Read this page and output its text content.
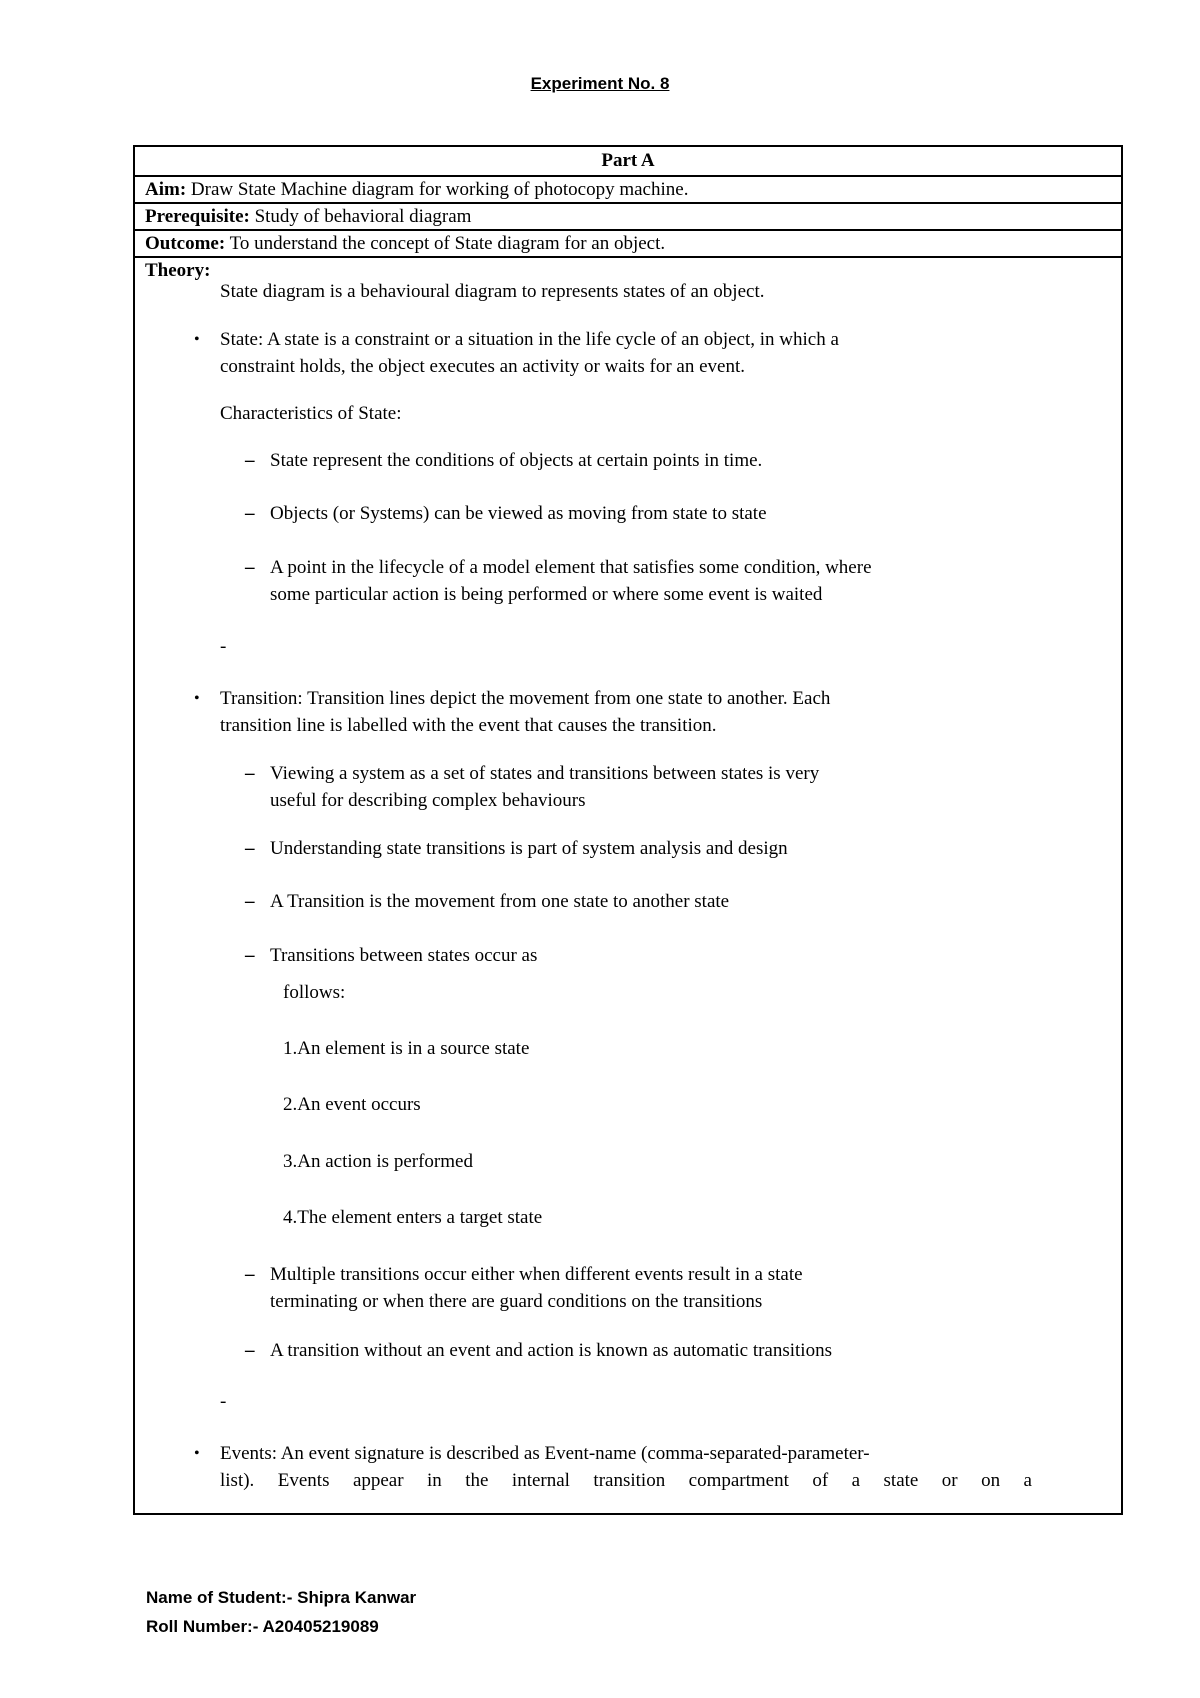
Experiment No. 8
Part A
Aim: Draw State Machine diagram for working of photocopy machine.
Prerequisite: Study of behavioral diagram
Outcome: To understand the concept of State diagram for an object.
Theory:
State diagram is a behavioural diagram to represents states of an object.
• State: A state is a constraint or a situation in the life cycle of an object, in which a
constraint holds, the object executes an activity or waits for an event.
Characteristics of State:
– State represent the conditions of objects at certain points in time.
– Objects (or Systems) can be viewed as moving from state to state
– A point in the lifecycle of a model element that satisfies some condition, where
some particular action is being performed or where some event is waited
-
• Transition: Transition lines depict the movement from one state to another. Each
transition line is labelled with the event that causes the transition.
– Viewing a system as a set of states and transitions between states is very
useful for describing complex behaviours
– Understanding state transitions is part of system analysis and design
– A Transition is the movement from one state to another state
– Transitions between states occur as
follows:
1.An element is in a source state
2.An event occurs
3.An action is performed
4.The element enters a target state
– Multiple transitions occur either when different events result in a state
terminating or when there are guard conditions on the transitions
– A transition without an event and action is known as automatic transitions
-
• Events: An event signature is described as Event-name (comma-separated-parameter-
list). Events appear in the internal transition compartment of a state or on a
Name of Student:- Shipra Kanwar
Roll Number:- A20405219089
